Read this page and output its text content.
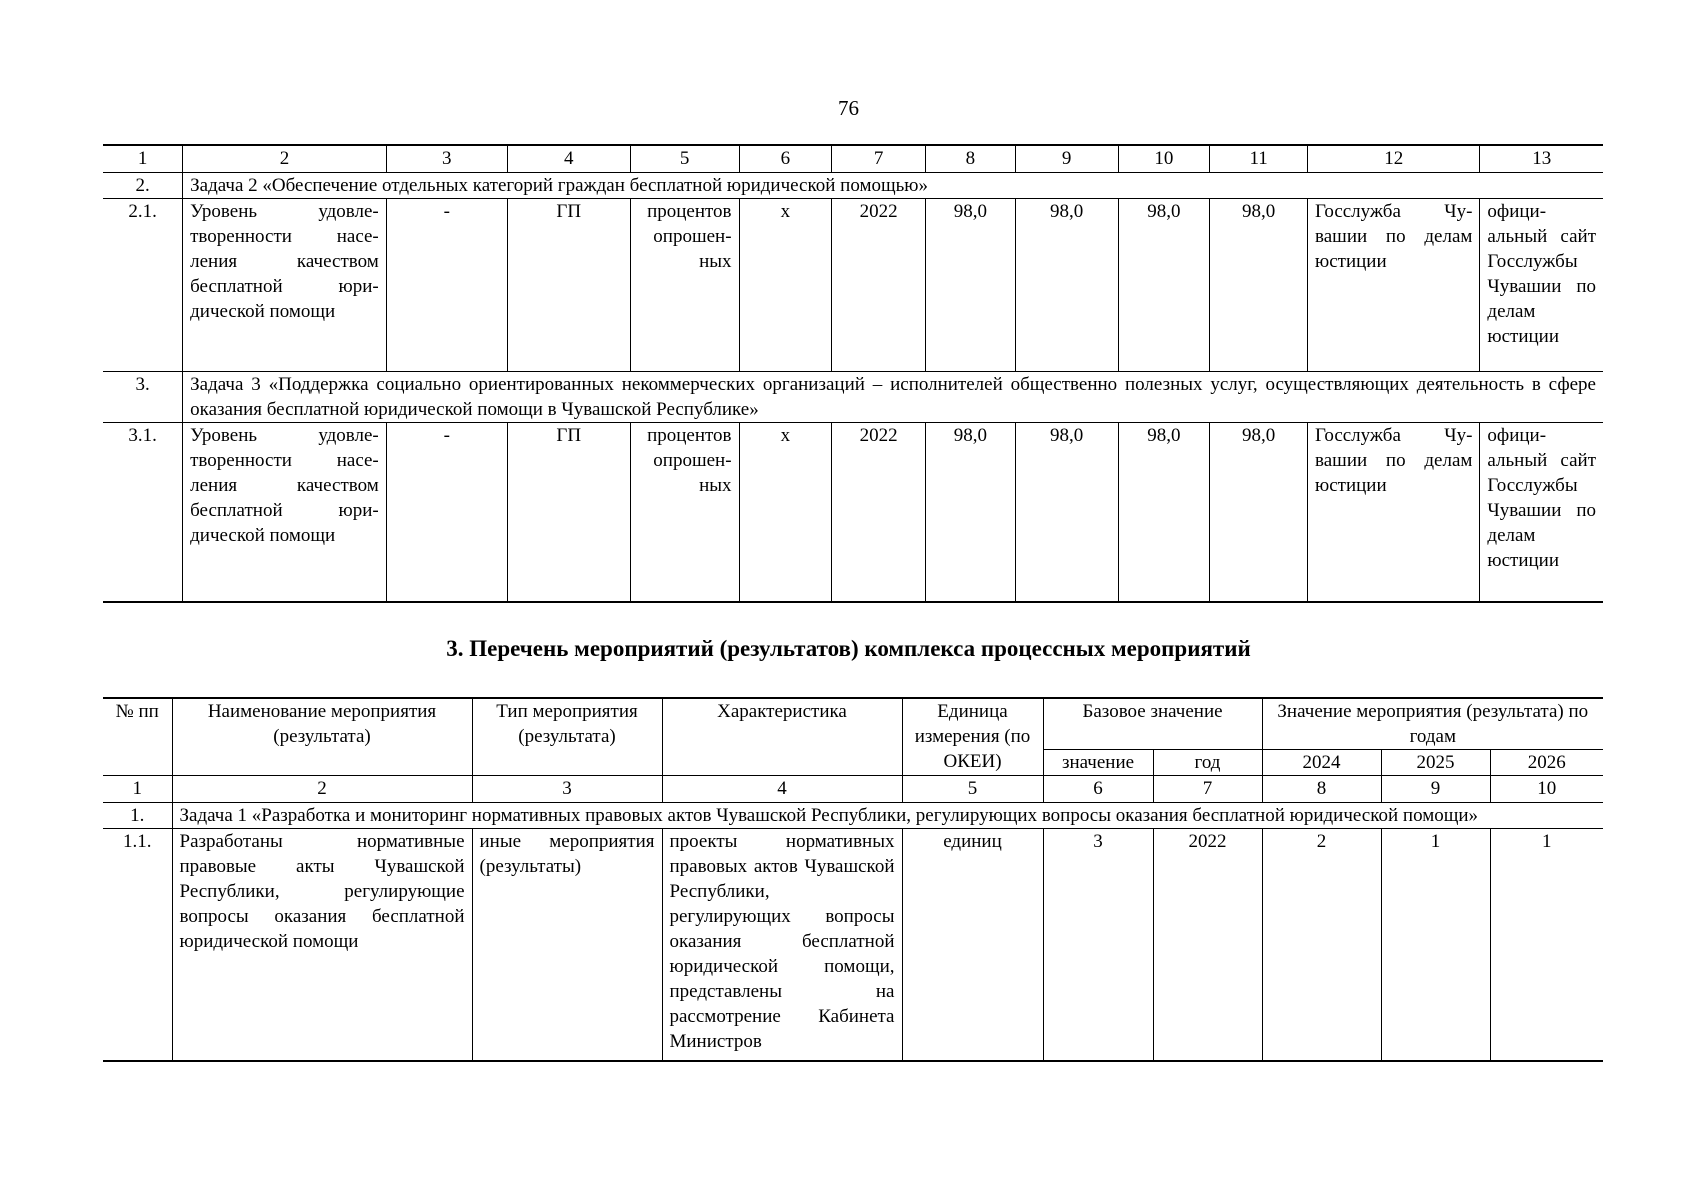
76
1	2	3	4	5	6	7	8	9	10	11	12	13
2.	Задача 2 «Обеспечение отдельных категорий граждан бесплатной юридической помощью»											
2.1.	Уровень удовлетворенности населения качеством бесплатной юридической помощи	-	ГП	процентов опрошенных	х	2022	98,0	98,0	98,0	98,0	Госслужба Чувашии по делам юстиции	официальный сайт Госслужбы Чувашии по делам юстиции
3.	Задача 3 «Поддержка социально ориентированных некоммерческих организаций – исполнителей общественно полезных услуг, осуществляющих деятельность в сфере оказания бесплатной юридической помощи в Чувашской Республике»											
3.1.	Уровень удовлетворенности населения качеством бесплатной юридической помощи	-	ГП	процентов опрошенных	х	2022	98,0	98,0	98,0	98,0	Госслужба Чувашии по делам юстиции	официальный сайт Госслужбы Чувашии по делам юстиции
3. Перечень мероприятий (результатов) комплекса процессных мероприятий
№ пп	Наименование мероприятия (результата)	Тип мероприятия (результата)	Характеристика	Единица измерения (по ОКЕИ)	Базовое значение		Значение мероприятия (результата) по годам		
					значение	год	2024	2025	2026
1	2	3	4	5	6	7	8	9	10
1.	Задача 1 «Разработка и мониторинг нормативных правовых актов Чувашской Республики, регулирующих вопросы оказания бесплатной юридической помощи»								
1.1.	Разработаны нормативные правовые акты Чувашской Республики, регулирующие вопросы оказания бесплатной юридической помощи	иные мероприятия (результаты)	проекты нормативных правовых актов Чувашской Республики, регулирующих вопросы оказания бесплатной юридической помощи, представлены на рассмотрение Кабинета Министров	единиц	3	2022	2	1	1
